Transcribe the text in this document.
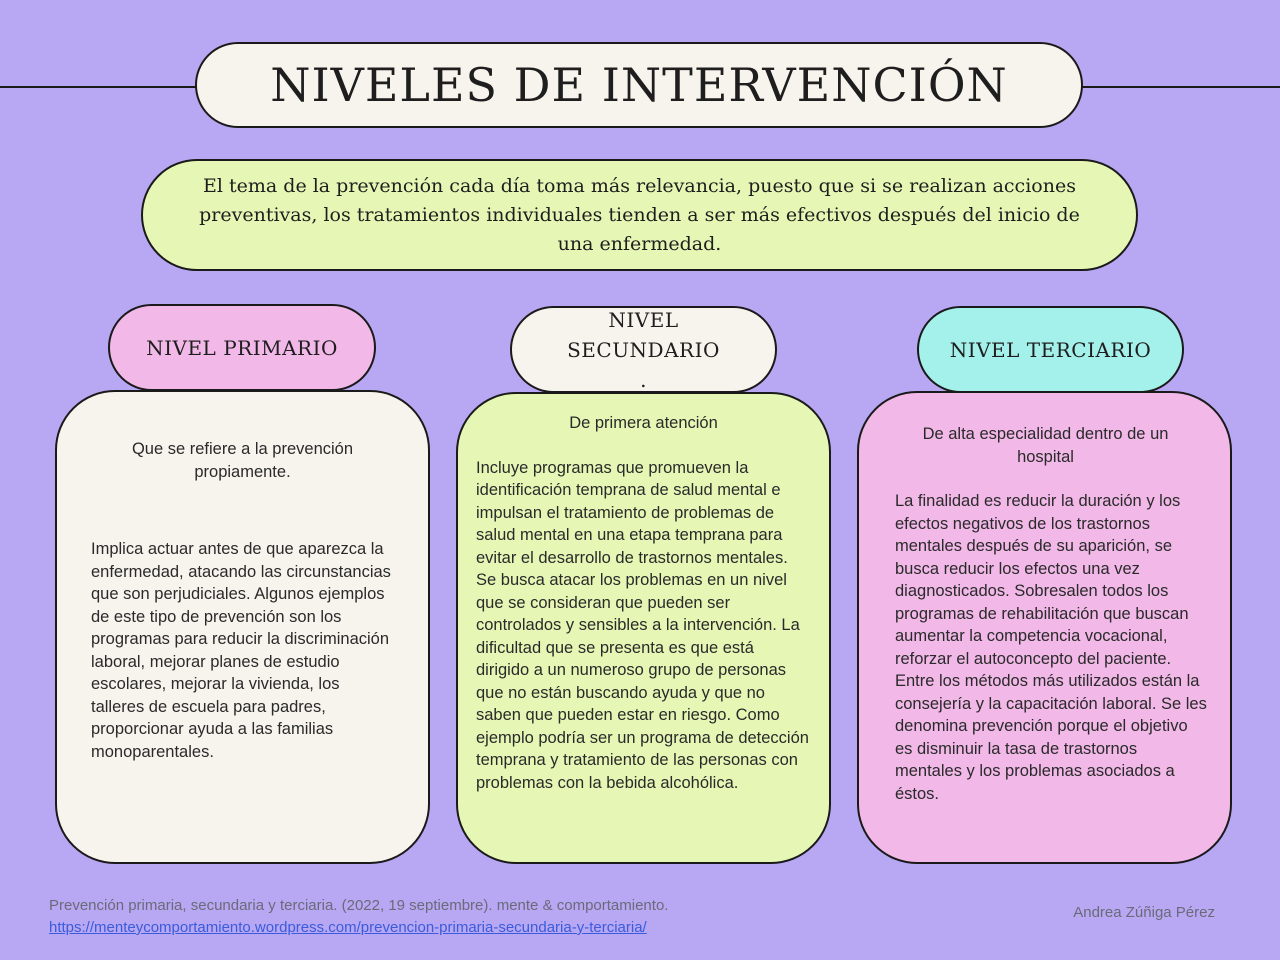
NIVELES DE INTERVENCIÓN
El tema de la prevención cada día toma más relevancia, puesto que si se realizan acciones preventivas, los tratamientos individuales tienden a ser más efectivos después del inicio de una enfermedad.
NIVEL PRIMARIO
NIVEL SECUNDARIO .
NIVEL TERCIARIO

Que se refiere a la prevención propiamente.

Implica actuar antes de que aparezca la enfermedad, atacando las circunstancias que son perjudiciales. Algunos ejemplos de este tipo de prevención son los programas para reducir la discriminación laboral, mejorar planes de estudio escolares, mejorar la vivienda, los talleres de escuela para padres, proporcionar ayuda a las familias monoparentales.

De primera atención

Incluye programas que promueven la identificación temprana de salud mental e impulsan el tratamiento de problemas de salud mental en una etapa temprana para evitar el desarrollo de trastornos mentales. Se busca atacar los problemas en un nivel que se consideran que pueden ser controlados y sensibles a la intervención. La dificultad que se presenta es que está dirigido a un numeroso grupo de personas que no están buscando ayuda y que no saben que pueden estar en riesgo. Como ejemplo podría ser un programa de detección temprana y tratamiento de las personas con problemas con la bebida alcohólica.

De alta especialidad dentro de un hospital

La finalidad es reducir la duración y los efectos negativos de los trastornos mentales después de su aparición, se busca reducir los efectos una vez diagnosticados. Sobresalen todos los programas de rehabilitación que buscan aumentar la competencia vocacional, reforzar el autoconcepto del paciente. Entre los métodos más utilizados están la consejería y la capacitación laboral. Se les denomina prevención porque el objetivo es disminuir la tasa de trastornos mentales y los problemas asociados a éstos.

Prevención primaria, secundaria y terciaria. (2022, 19 septiembre). mente & comportamiento.
https://menteycomportamiento.wordpress.com/prevencion-primaria-secundaria-y-terciaria/
Andrea Zúñiga Pérez
